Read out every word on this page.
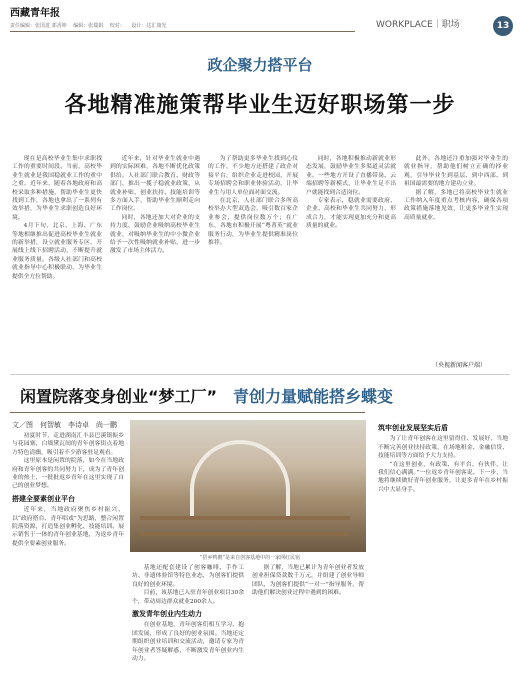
西藏青年报
责任编辑：张国进 郭香坤 编辑：张瑞娟 校对： 设计：达汇康光	WORKPLACE｜职场	13
政企聚力搭平台
各地精准施策帮毕业生迈好职场第一步

现在是高校毕业生集中求职找工作的重要时间段。当前，高校毕业生就业是我国稳就业工作的重中之重。近年来，随着各地政府和高校采取多种措施，帮助毕业生更快找到工作，各地也拿出了一系列有效举措，为毕业生求职创造良好环境。

4月下旬，北京、上海、广东等地相继推出促进高校毕业生就业的新举措，设立就业服务专区，开展线上线下招聘活动，不断提升就业服务质量。各级人社部门和高校就业指导中心积极联动，为毕业生提供全方位帮助。

近年来，针对毕业生就业中遇到的实际困难，各地不断优化政策供给。人社部门联合教育、财政等部门，推出一揽子稳就业政策，从就业补贴、创业扶持、技能培训等多方面入手，帮助毕业生顺利走向工作岗位。

同时，各地还加大对企业的支持力度，鼓励企业吸纳高校毕业生就业，对吸纳毕业生的中小微企业给予一次性吸纳就业补贴，进一步激发了市场主体活力。

为了帮助更多毕业生找到心仪的工作，不少地方还搭建了政企对接平台，组织企业走进校园，开展专场招聘会和职业体验活动，让毕业生与用人单位面对面交流。

在北京，人社部门联合多所高校举办大型双选会，吸引数百家企业参会，提供岗位数万个；在广东，各地市积极开展“粤菁英”就业服务行动，为毕业生提供精准岗位推荐。

同时，各地积极推动新就业形态发展，鼓励毕业生多渠道灵活就业。一些地方开设了直播带岗、云端招聘等新模式，让毕业生足不出户就能找到合适岗位。

专家表示，稳就业需要政府、企业、高校和毕业生共同努力，形成合力，才能实现更加充分和更高质量的就业。

此外，各地还注重加强对毕业生的就业指导，帮助他们树立正确的择业观，引导毕业生到基层、到中西部、到祖国最需要的地方建功立业。

据了解，多地已将高校毕业生就业工作纳入年度重点考核内容，确保各项政策措施落地见效，让更多毕业生实现高质量就业。

（央视新闻客户端）
闲置院落变身创业“梦工厂” 青创力量赋能搭乡蝶变
文／图　何智敏　李诗卓　尚一鹏

初夏时节，走进湖南汇丰县巴溪镇振乡与花园寨，白墙黛瓦间的青年创客街点着地方特色清幽，吸引着不少游客驻足观看。

这里原本是闲置的院落，如今在当地政府和青年创客的共同努力下，成为了青年创业的热土，一批批返乡青年在这里实现了自己的创业梦想。

搭建全要素创业平台

近年来，当地政府聚焦乡村振兴，以“政府搭台、青年唱戏”为思路，整合闲置院落资源，打造集创业孵化、技能培训、展示销售于一体的青年创业基地，为返乡青年提供全要素创业服务。

“搭乡鸭鹅”是来自创客基地中的一家网红民宿

基地还配套建设了创客咖啡、手作工坊、非遗体验馆等特色业态，为创客们提供良好的创业环境。

目前，该基地已入驻青年创业项目30余个，带动周边群众就业200余人。

激发青年创业内生动力

在创业基地，青年创客们相互学习、抱团发展，形成了良好的创业氛围。当地还定期组织创业培训和交流活动，邀请专家为青年创业者答疑解惑，不断激发青年创业内生动力。

据了解，当地已累计为青年创业者发放创业担保贷款数千万元，并组建了创业导师团队，为创客们提供“一对一”指导服务，帮助他们解决创业过程中遇到的困难。

筑牢创业发展坚实后盾

为了让青年创客在这里留得住、发展好，当地不断完善创业扶持政策，在场地租金、金融信贷、技能培训等方面给予大力支持。

“在这里创业，有政策、有平台、有伙伴，让我们信心满满。”一位返乡青年创客说。下一步，当地将继续做好青年创业服务，让更多青年在乡村振兴中大显身手。
